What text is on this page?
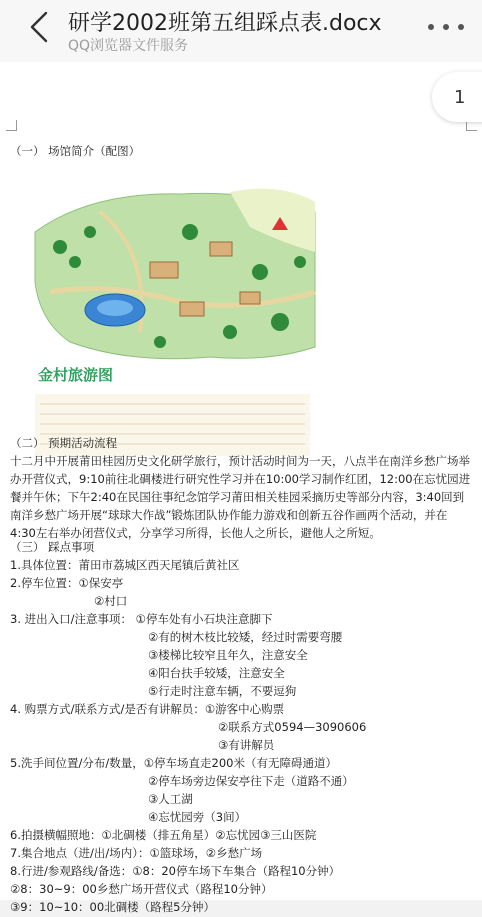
研学2002班第五组踩点表.docx
QQ浏览器文件服务
（一） 场馆简介（配图）
金村旅游图
（二） 预期活动流程
十二月中开展莆田桂园历史文化研学旅行，预计活动时间为一天，八点半在南洋乡愁广场举办开营仪式，9:10前往北碉楼进行研究性学习并在10:00学习制作红团，12:00在忘忧园进餐并午休；下午2:40在民国往事纪念馆学习莆田相关桂园采摘历史等部分内容，3:40回到南洋乡愁广场开展“球球大作战”锻炼团队协作能力游戏和创新五谷作画两个活动，并在4:30左右举办闭营仪式，分享学习所得，长他人之所长，避他人之所短。
（三） 踩点事项
1.具体位置：莆田市荔城区西天尾镇后黄社区
2.停车位置：①保安亭
②村口
3. 进出入口/注意事项： ①停车处有小石块注意脚下
②有的树木枝比较矮，经过时需要弯腰
③楼梯比较窄且年久，注意安全
④阳台扶手较矮，注意安全
⑤行走时注意车辆，不要逗狗
4. 购票方式/联系方式/是否有讲解员：①游客中心购票
②联系方式0594—3090606
③有讲解员
5.洗手间位置/分布/数量，①停车场直走200米（有无障碍通道）
②停车场旁边保安亭往下走（道路不通）
③人工湖
④忘忧园旁（3间）
6.拍摄横幅照地：①北碉楼（排五角星）②忘忧园③三山医院
7.集合地点（进/出/场内）：①篮球场，②乡愁广场
8.行进/参观路线/备选：①8：20停车场下车集合（路程10分钟）
②8：30~9：00乡愁广场开营仪式（路程10分钟）
③9：10~10：00北碉楼（路程5分钟）
1
